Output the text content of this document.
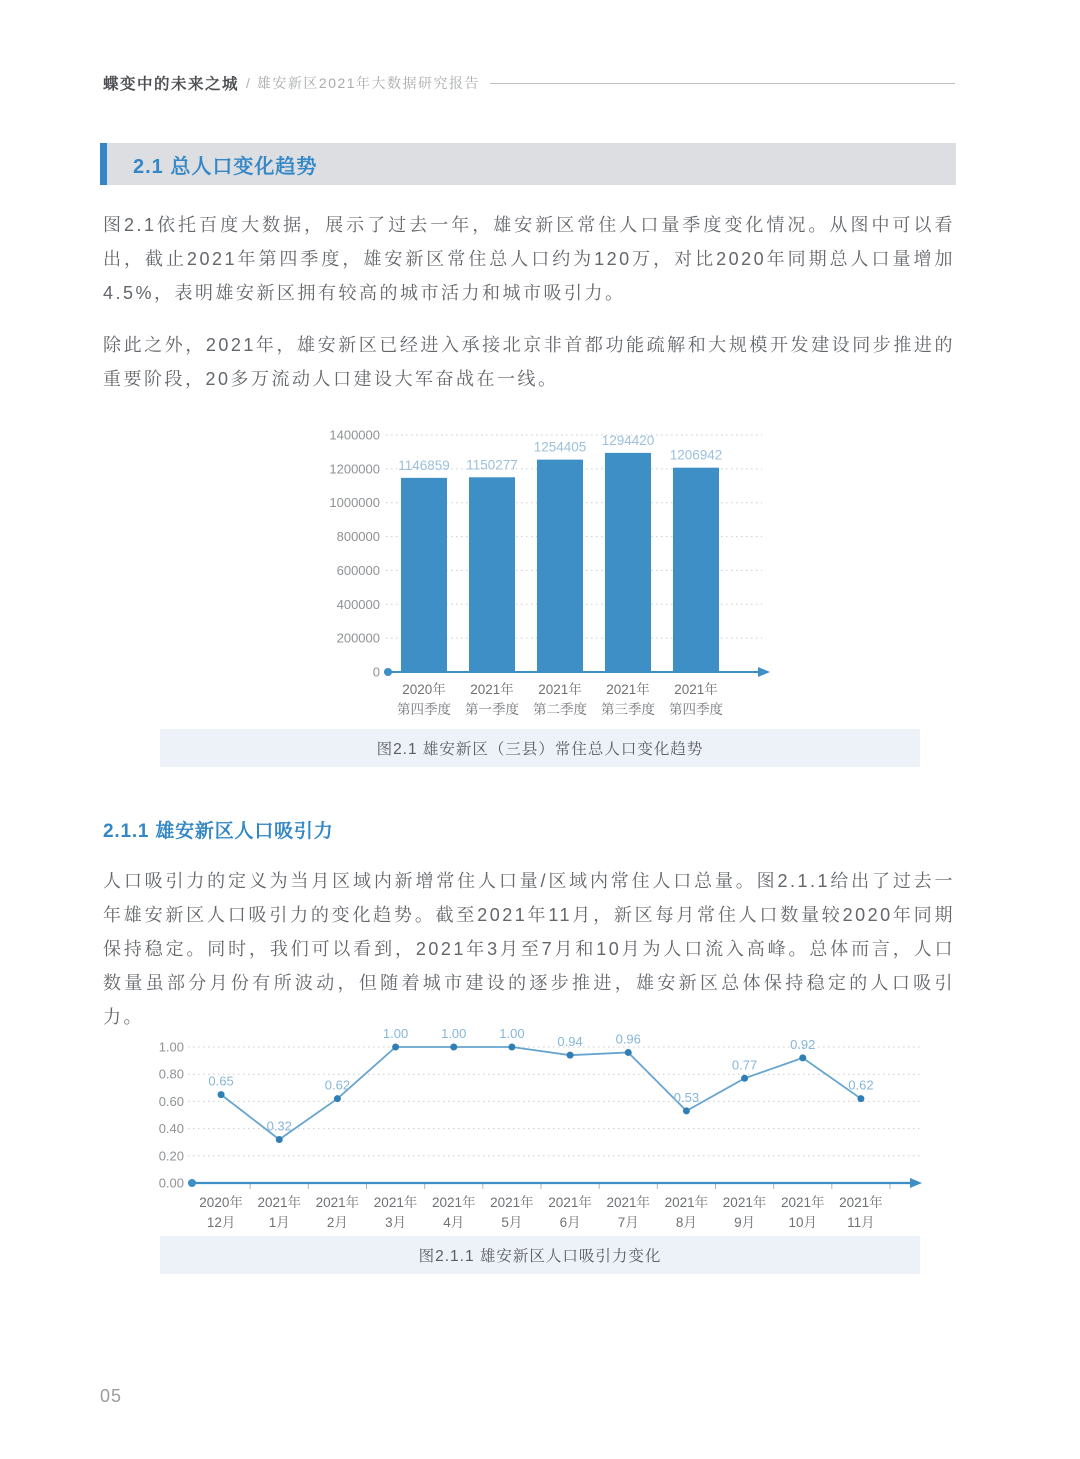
蝶变中的未来之城 / 雄安新区2021年大数据研究报告
2.1 总人口变化趋势

图2.1依托百度大数据，展示了过去一年，雄安新区常住人口量季度变化情况。从图中可以看出，截止2021年第四季度，雄安新区常住总人口约为120万，对比2020年同期总人口量增加4.5%，表明雄安新区拥有较高的城市活力和城市吸引力。

除此之外，2021年，雄安新区已经进入承接北京非首都功能疏解和大规模开发建设同步推进的重要阶段，20多万流动人口建设大军奋战在一线。

0
200000
400000
600000
800000
1000000
1200000
1400000
1146859
2020年第四季度
1150277
2021年第一季度
1254405
2021年第二季度
1294420
2021年第三季度
1206942
2021年第四季度
图2.1 雄安新区（三县）常住总人口变化趋势
2.1.1 雄安新区人口吸引力

人口吸引力的定义为当月区域内新增常住人口量/区域内常住人口总量。图2.1.1给出了过去一年雄安新区人口吸引力的变化趋势。截至2021年11月，新区每月常住人口数量较2020年同期保持稳定。同时，我们可以看到，2021年3月至7月和10月为人口流入高峰。总体而言，人口数量虽部分月份有所波动，但随着城市建设的逐步推进，雄安新区总体保持稳定的人口吸引力。

0.00
0.20
0.40
0.60
0.80
1.00
0.65
2020年 12月
0.32
2021年 1月
0.62
2021年 2月
1.00
2021年 3月
1.00
2021年 4月
1.00
2021年 5月
0.94
2021年 6月
0.96
2021年 7月
0.53
2021年 8月
0.77
2021年 9月
0.92
2021年 10月
0.62
2021年 11月
图2.1.1 雄安新区人口吸引力变化
05
